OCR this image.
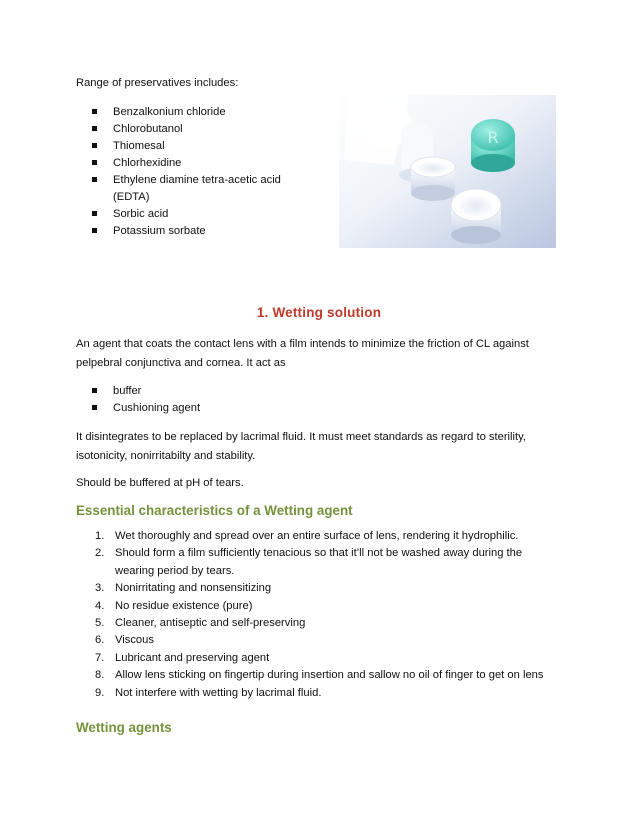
Range of preservatives includes:
Benzalkonium chloride
Chlorobutanol
Thiomesal
Chlorhexidine
Ethylene diamine tetra-acetic acid
(EDTA)
Sorbic acid
Potassium sorbate
R
1. Wetting solution
An agent that coats the contact lens with a film intends to minimize the friction of CL against
pelpebral conjunctiva and cornea. It act as
buffer
Cushioning agent
It disintegrates to be replaced by lacrimal fluid. It must meet standards as regard to sterility,
isotonicity, nonirritabilty and stability.
Should be buffered at pH of tears.
Essential characteristics of a Wetting agent
1. Wet thoroughly and spread over an entire surface of lens, rendering it hydrophilic.
2. Should form a film sufficiently tenacious so that it’ll not be washed away during the
wearing period by tears.
3. Nonirritating and nonsensitizing
4. No residue existence (pure)
5. Cleaner, antiseptic and self-preserving
6. Viscous
7. Lubricant and preserving agent
8. Allow lens sticking on fingertip during insertion and sallow no oil of finger to get on lens
9. Not interfere with wetting by lacrimal fluid.
Wetting agents
